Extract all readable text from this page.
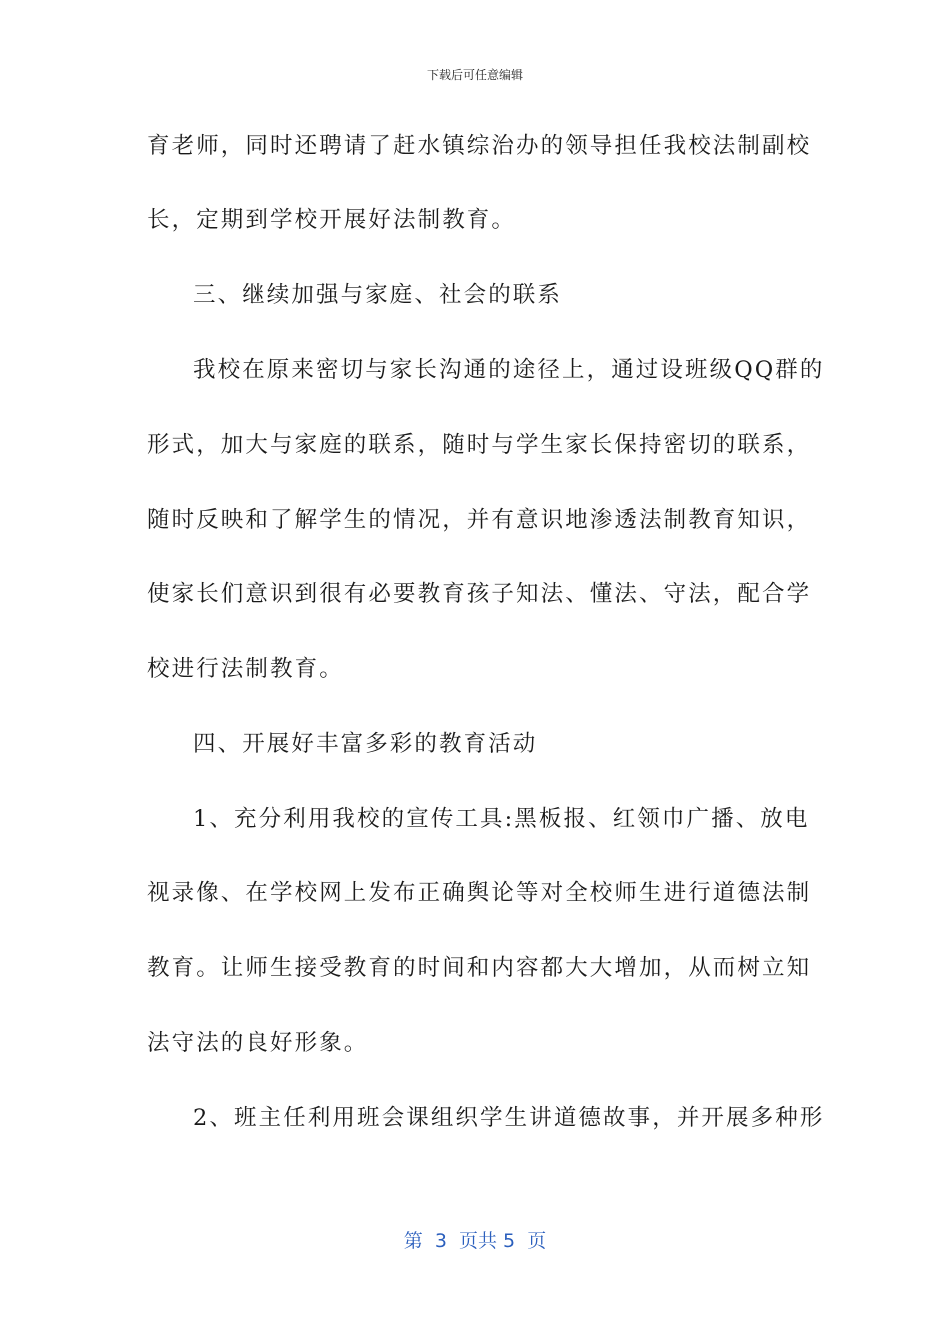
下载后可任意编辑
育老师，同时还聘请了赶水镇综治办的领导担任我校法制副校
长，定期到学校开展好法制教育。
三、继续加强与家庭、社会的联系
我校在原来密切与家长沟通的途径上，通过设班级QQ群的
形式，加大与家庭的联系，随时与学生家长保持密切的联系，
随时反映和了解学生的情况，并有意识地渗透法制教育知识，
使家长们意识到很有必要教育孩子知法、懂法、守法，配合学
校进行法制教育。
四、开展好丰富多彩的教育活动
1、充分利用我校的宣传工具:黑板报、红领巾广播、放电
视录像、在学校网上发布正确舆论等对全校师生进行道德法制
教育。让师生接受教育的时间和内容都大大增加，从而树立知
法守法的良好形象。
2、班主任利用班会课组织学生讲道德故事，并开展多种形
第  3  页共 5  页
